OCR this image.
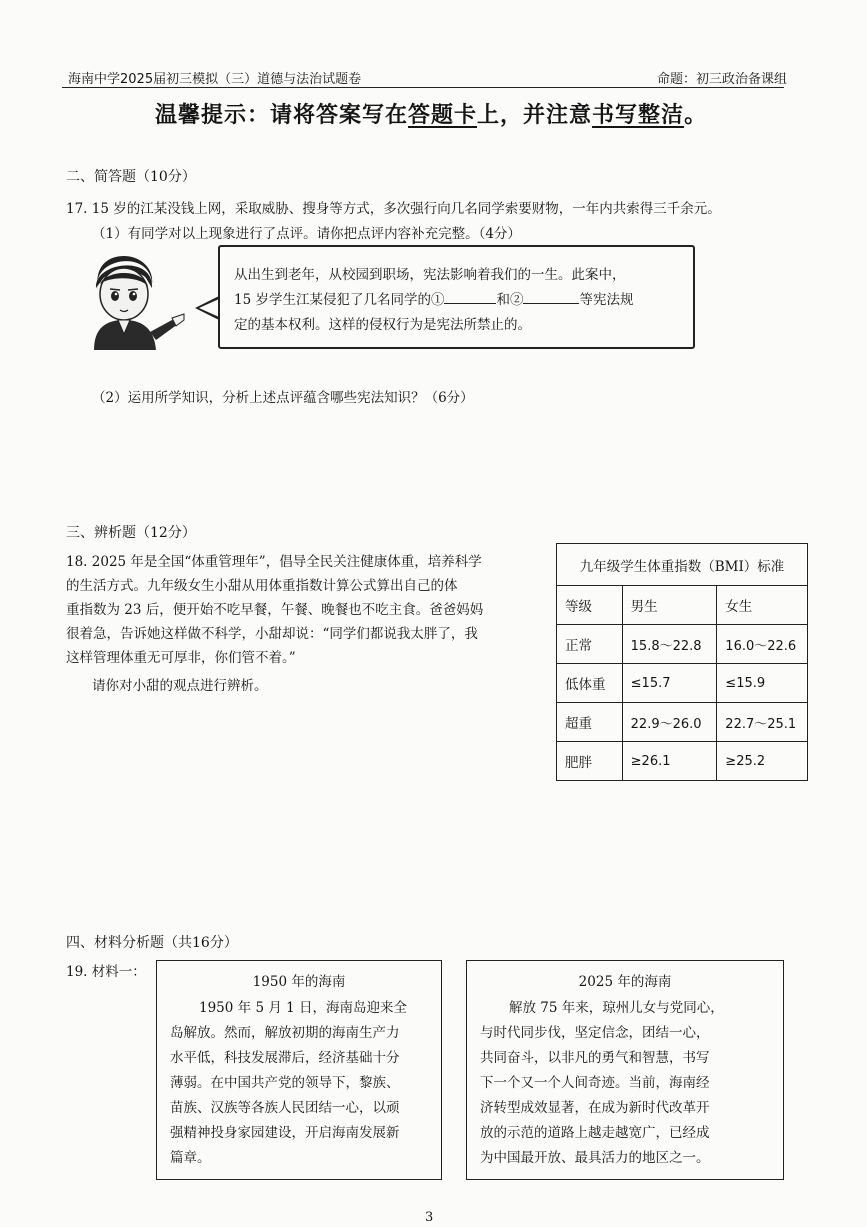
海南中学2025届初三模拟（三）道德与法治试题卷	命题：初三政治备课组
温馨提示：请将答案写在答题卡上，并注意书写整洁。
二、简答题（10分）
17. 15 岁的江某没钱上网，采取威胁、搜身等方式，多次强行向几名同学索要财物，一年内共索得三千余元。
（1）有同学对以上现象进行了点评。请你把点评内容补充完整。（4分）
从出生到老年，从校园到职场，宪法影响着我们的一生。此案中，
15 岁学生江某侵犯了几名同学的①	和②	等宪法规
定的基本权利。这样的侵权行为是宪法所禁止的。
（2）运用所学知识，分析上述点评蕴含哪些宪法知识？（6分）
三、辨析题（12分）
18. 2025 年是全国“体重管理年”，倡导全民关注健康体重，培养科学
的生活方式。九年级女生小甜从用体重指数计算公式算出自己的体
重指数为 23 后，便开始不吃早餐，午餐、晚餐也不吃主食。爸爸妈妈
很着急，告诉她这样做不科学，小甜却说：“同学们都说我太胖了，我
这样管理体重无可厚非，你们管不着。”
请你对小甜的观点进行辨析。
九年级学生体重指数（BMI）标准		
等级	男生	女生
正常	15.8～22.8	16.0～22.6
低体重	≤15.7	≤15.9
超重	22.9～26.0	22.7～25.1
肥胖	≥26.1	≥25.2
四、材料分析题（共16分）
19. 材料一：
1950 年的海南
1950 年 5 月 1 日，海南岛迎来全
岛解放。然而，解放初期的海南生产力
水平低，科技发展滞后，经济基础十分
薄弱。在中国共产党的领导下，黎族、
苗族、汉族等各族人民团结一心，以顽
强精神投身家园建设，开启海南发展新
篇章。
2025 年的海南
解放 75 年来，琼州儿女与党同心，
与时代同步伐，坚定信念，团结一心，
共同奋斗，以非凡的勇气和智慧，书写
下一个又一个人间奇迹。当前，海南经
济转型成效显著，在成为新时代改革开
放的示范的道路上越走越宽广，已经成
为中国最开放、最具活力的地区之一。
3
